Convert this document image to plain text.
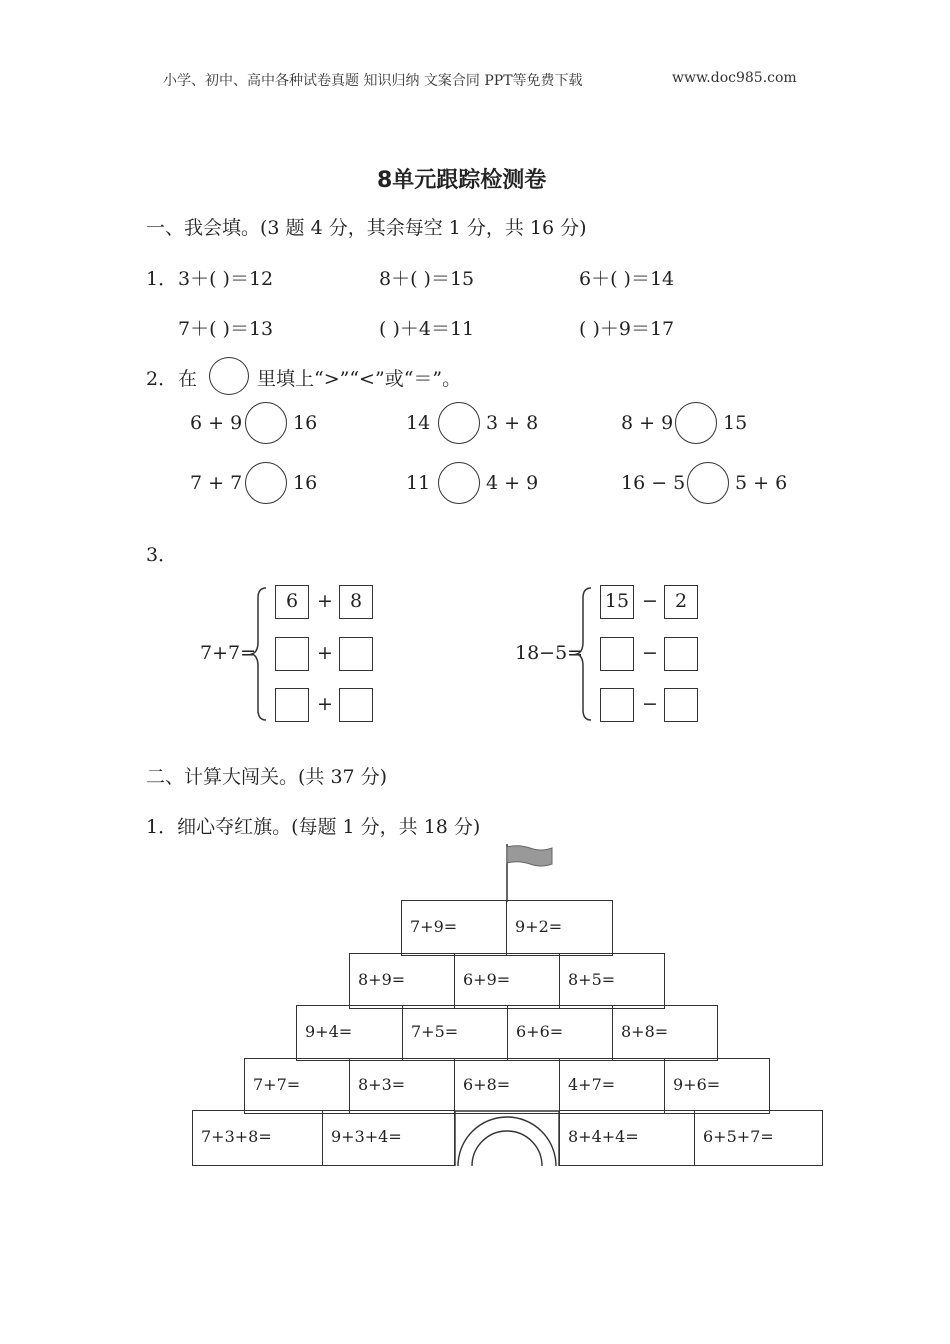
小学、初中、高中各种试卷真题 知识归纳 文案合同 PPT等免费下载	www.doc985.com
8单元跟踪检测卷
一、我会填。(3 题 4 分，其余每空 1 分，共 16 分)
1． 3＋( )＝12	8＋( )＝15	6＋( )＝14
7＋( )＝13	( )＋4＝11	( )＋9＝17
2． 在	里填上“>”“<”或“＝”。
6 + 9	16	14	3 + 8	8 + 9	15
7 + 7	16	11	4 + 9	16 − 5	5 + 6
3．
7+7=
6 + 8
+
+
18−5=
15 − 2
−
−
二、计算大闯关。(共 37 分)
1．细心夺红旗。(每题 1 分，共 18 分)
7+9=	9+2=
8+9=	6+9=	8+5=
9+4=	7+5=	6+6=	8+8=
7+7=	8+3=	6+8=	4+7=	9+6=
7+3+8=	9+3+4=	8+4+4=	6+5+7=
